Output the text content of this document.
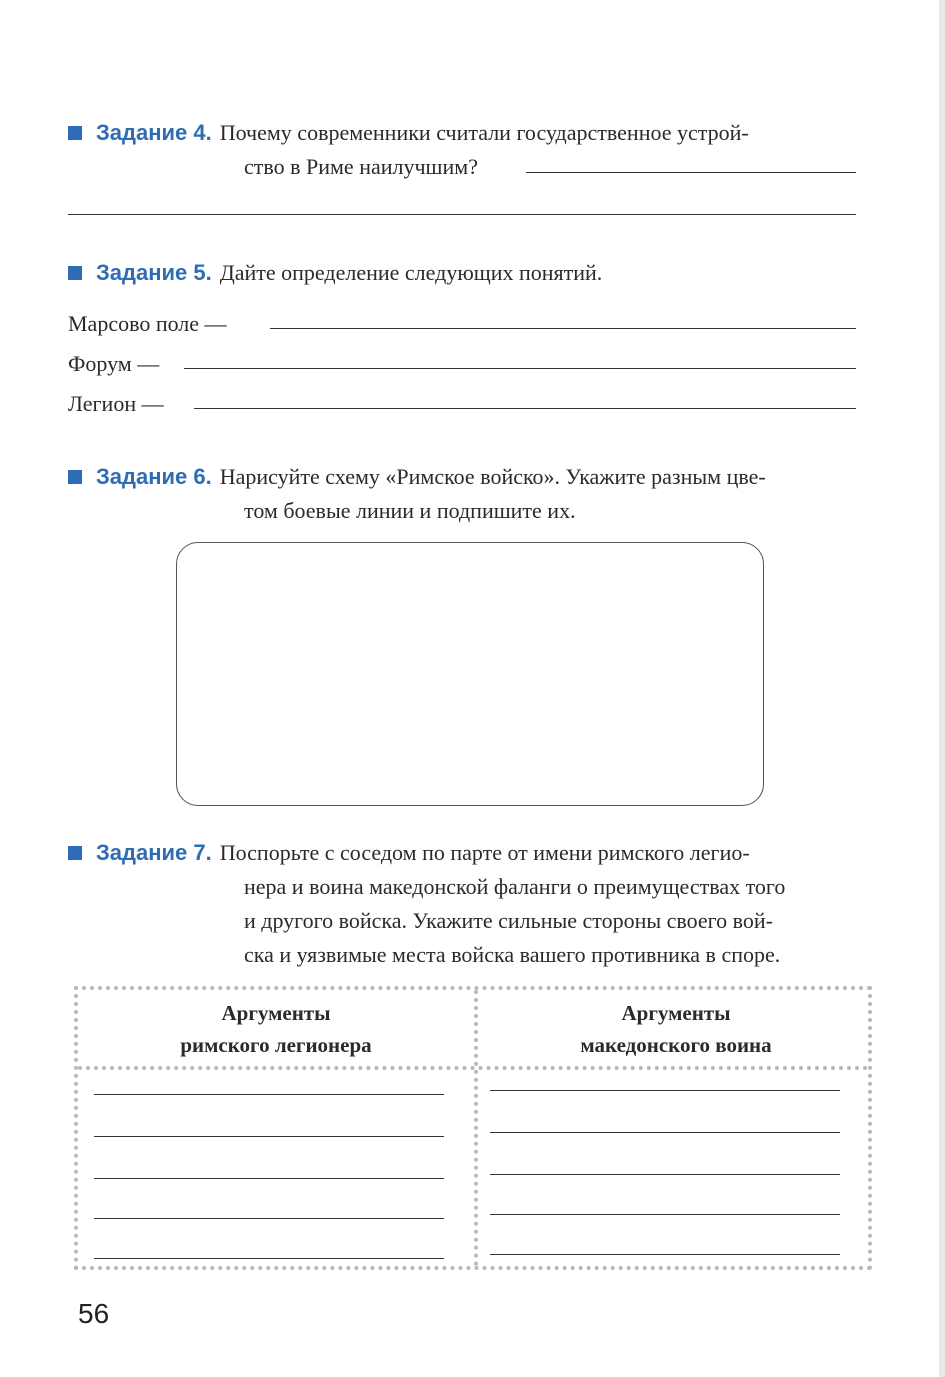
Задание 4. Почему современники считали государственное устрой-
ство в Риме наилучшим?
Задание 5. Дайте определение следующих понятий.
Марсово поле —
Форум —
Легион —
Задание 6. Нарисуйте схему «Римское войско». Укажите разным цве-
том боевые линии и подпишите их.
Задание 7. Поспорьте с соседом по парте от имени римского легио-
нера и воина македонской фаланги о преимуществах того
и другого войска. Укажите сильные стороны своего вой-
ска и уязвимые места войска вашего противника в споре.
Аргументы
римского легионера
Аргументы
македонского воина
56
